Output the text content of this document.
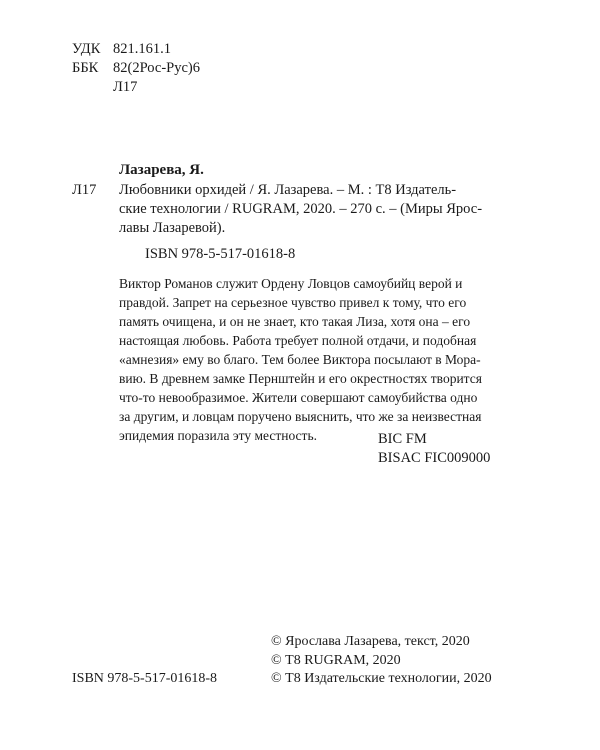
УДК 821.161.1
ББК 82(2Рос-Рус)6
Л17
Лазарева, Я.
Л17 Любовники орхидей / Я. Лазарева. – М. : Т8 Издатель-
ские технологии / RUGRAM, 2020. – 270 с. – (Миры Ярос-
лавы Лазаревой).
ISBN 978-5-517-01618-8
Виктор Романов служит Ордену Ловцов самоубийц верой и
правдой. Запрет на серьезное чувство привел к тому, что его
память очищена, и он не знает, кто такая Лиза, хотя она – его
настоящая любовь. Работа требует полной отдачи, и подобная
«амнезия» ему во благо. Тем более Виктора посылают в Мора-
вию. В древнем замке Пернштейн и его окрестностях творится
что-то невообразимое. Жители совершают самоубийства одно
за другим, и ловцам поручено выяснить, что же за неизвестная
эпидемия поразила эту местность.	BIC FM
BISAC FIC009000
© Ярослава Лазарева, текст, 2020
© Т8 RUGRAM, 2020
© Т8 Издательские технологии, 2020
ISBN 978-5-517-01618-8
